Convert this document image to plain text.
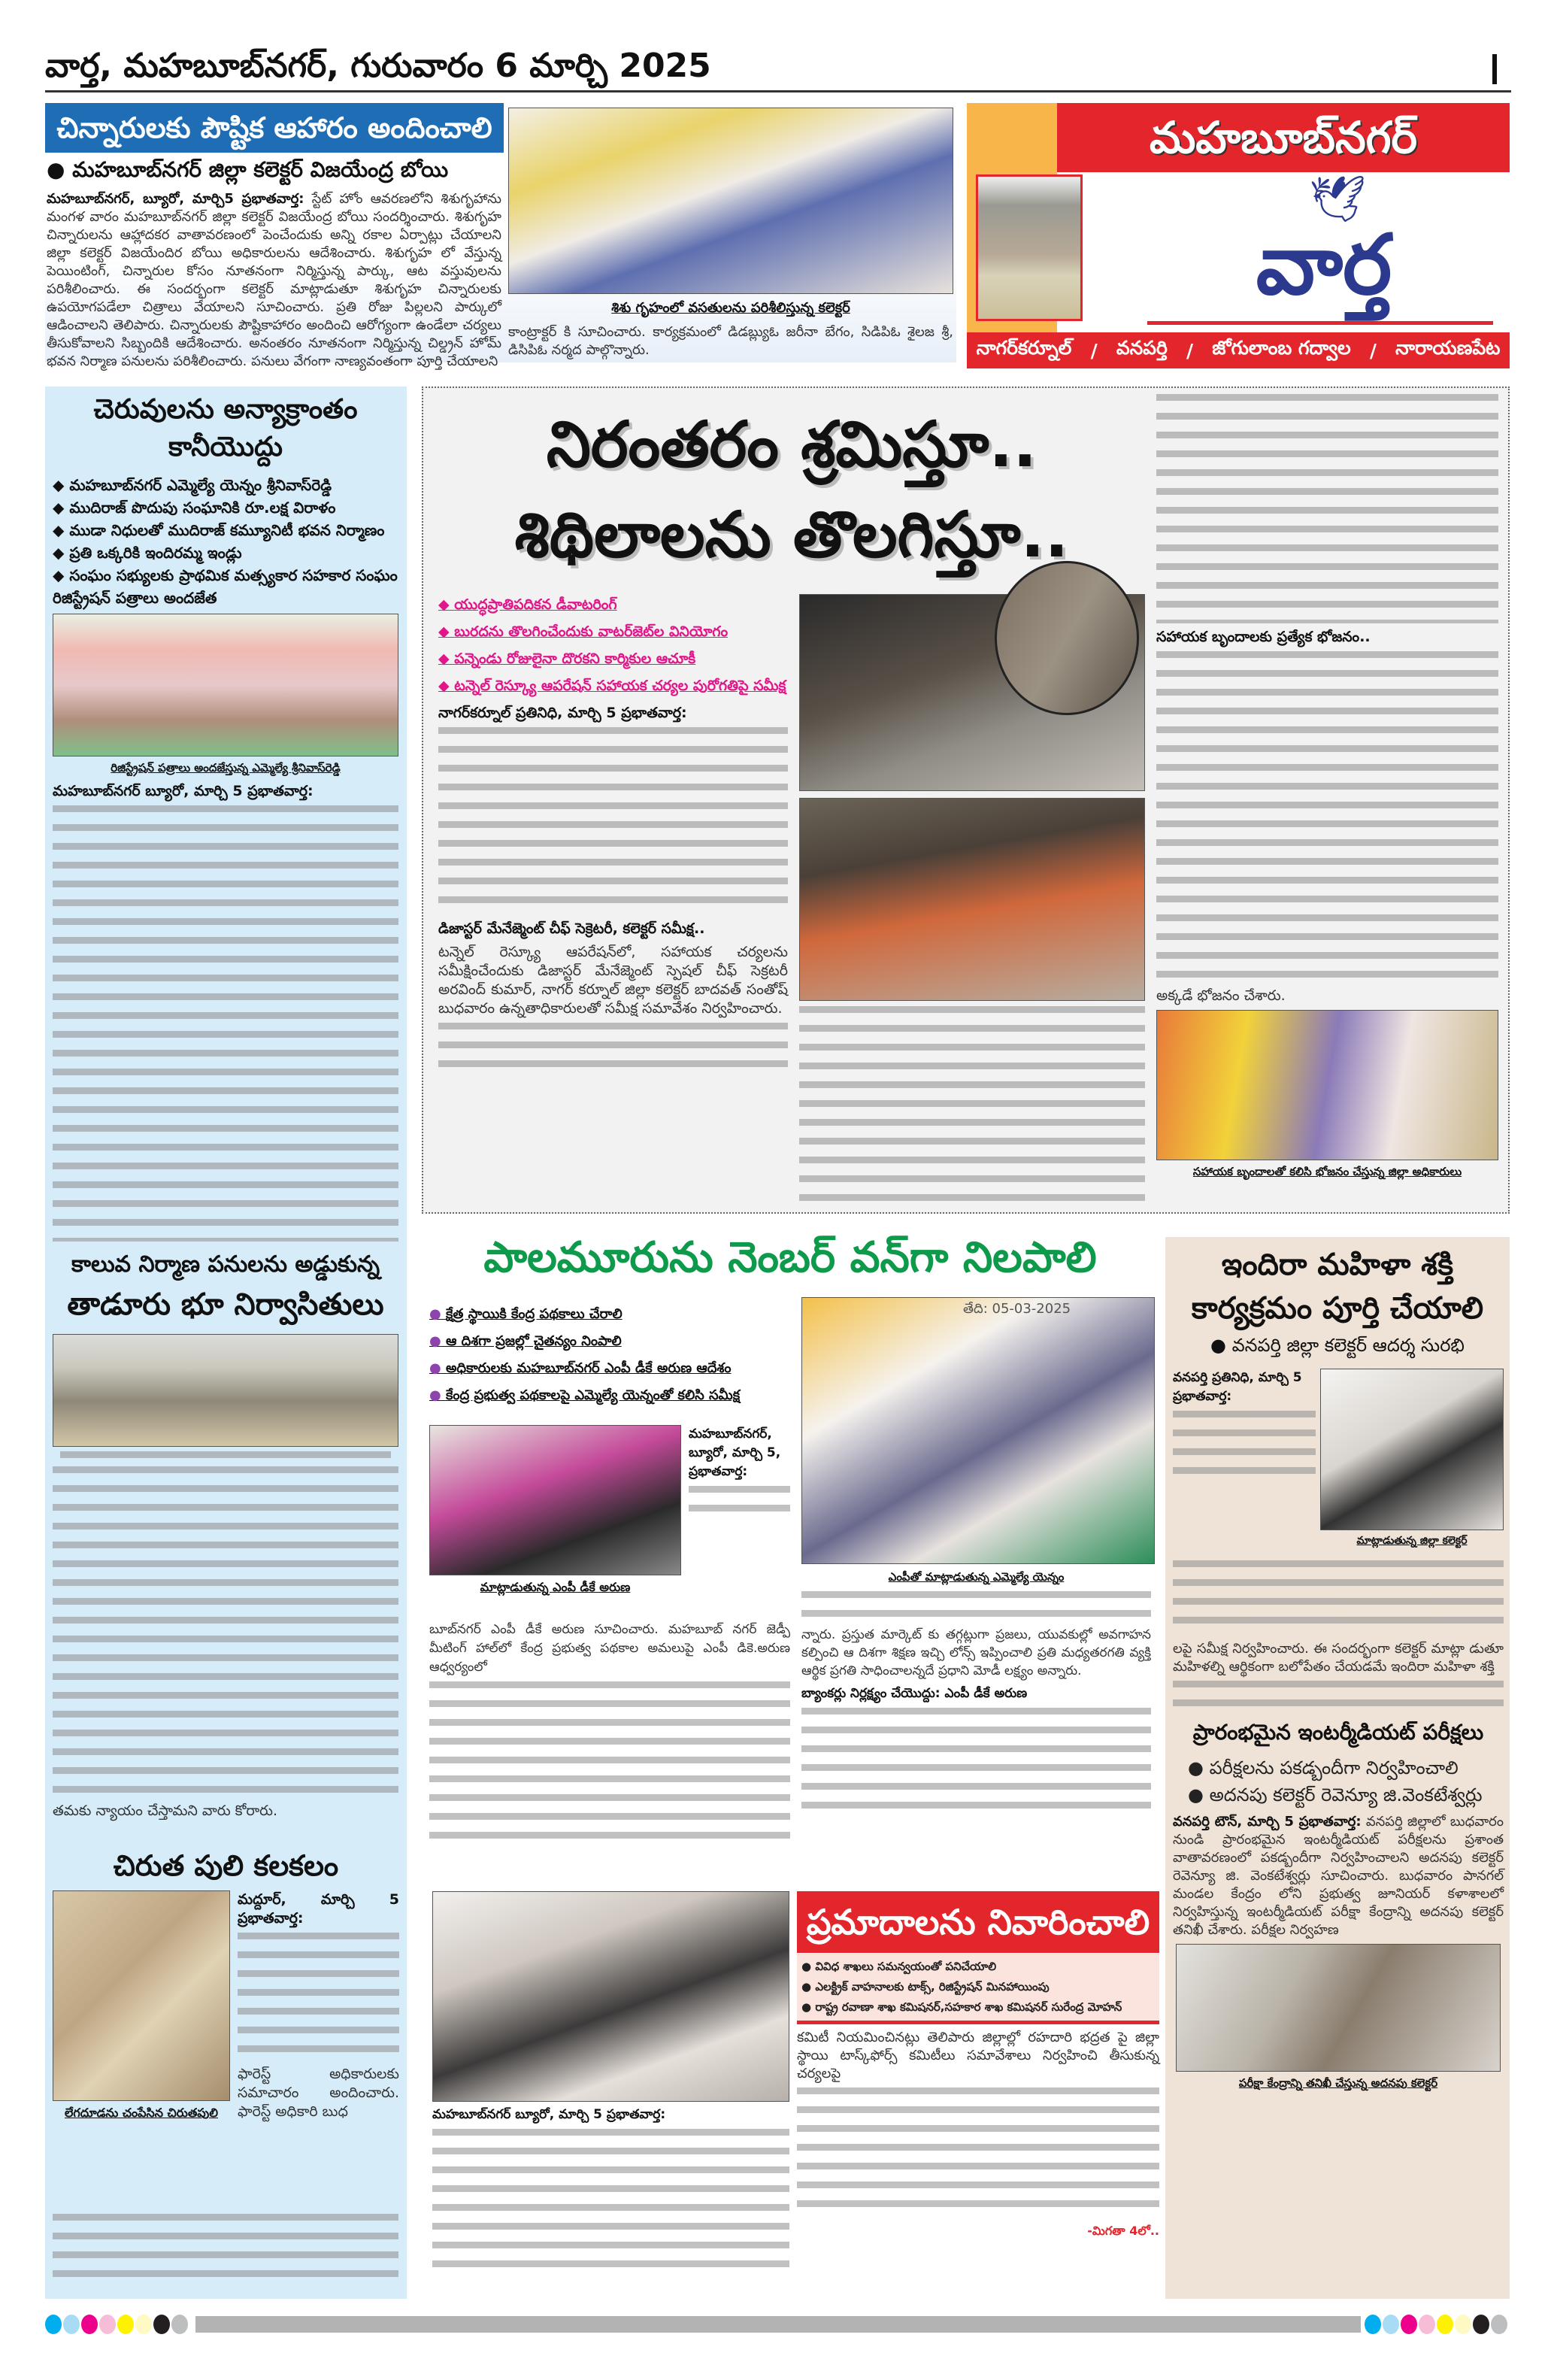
వార్త, మహబూబ్‌నగర్, గురువారం 6 మార్చి 2025
చిన్నారులకు పౌష్టిక ఆహారం అందించాలి
● మహబూబ్‌నగర్ జిల్లా కలెక్టర్ విజయేంద్ర బోయి
మహబూబ్‌నగర్, బ్యూరో, మార్చి5 ప్రభాతవార్త: స్టేట్ హోం ఆవరణలోని శిశుగృహాను మంగళ వారం మహబూబ్‌నగర్ జిల్లా కలెక్టర్ విజయేంద్ర బోయి సందర్శించారు. శిశుగృహ చిన్నారులను ఆహ్లాదకర వాతావరణంలో పెంచేందుకు అన్ని రకాల ఏర్పాట్లు చేయాలని జిల్లా కలెక్టర్ విజయేందిర బోయి అధికారులను ఆదేశించారు. శిశుగృహ లో వేస్తున్న పెయింటింగ్, చిన్నారుల కోసం నూతనంగా నిర్మిస్తున్న పార్కు, ఆట వస్తువులను పరిశీలించారు. ఈ సందర్భంగా కలెక్టర్ మాట్లాడుతూ శిశుగృహ చిన్నారులకు ఉపయోగపడేలా చిత్రాలు వేయాలని సూచించారు. ప్రతి రోజు పిల్లలని పార్కులో ఆడించాలని తెలిపారు. చిన్నారులకు పౌష్టికాహారం అందించి ఆరోగ్యంగా ఉండేలా చర్యలు తీసుకోవాలని సిబ్బందికి ఆదేశించారు. అనంతరం నూతనంగా నిర్మిస్తున్న చిల్డ్రన్ హోమ్ భవన నిర్మాణ పనులను పరిశీలించారు. పనులు వేగంగా నాణ్యవంతంగా పూర్తి చేయాలని
శిశు గృహంలో వసతులను పరిశీలిస్తున్న కలెక్టర్
కాంట్రాక్టర్ కి సూచించారు. కార్యక్రమంలో డిడబ్ల్యుఓ జరీనా బేగం, సిడిపిఓ శైలజ శ్రీ, డిసిపిఓ నర్మద పాల్గొన్నారు.
మహబూబ్‌నగర్
🕊
వార్త
నాగర్‌కర్నూల్ / వనపర్తి / జోగులాంబ గద్వాల / నారాయణపేట
చెరువులను అన్యాక్రాంతం కానీయొద్దు
◆ మహబూబ్‌నగర్ ఎమ్మెల్యే యెన్నం శ్రీనివాస్‌రెడ్డి
◆ ముదిరాజ్ పొదుపు సంఘానికి రూ.లక్ష విరాళం
◆ ముడా నిధులతో ముదిరాజ్ కమ్యూనిటీ భవన నిర్మాణం
◆ ప్రతి ఒక్కరికి ఇందిరమ్మ ఇండ్లు
◆ సంఘం సభ్యులకు ప్రాథమిక మత్స్యకార సహకార సంఘం రిజిస్ట్రేషన్ పత్రాలు అందజేత
రిజిస్ట్రేషన్ పత్రాలు అందజేస్తున్న ఎమ్మెల్యే శ్రీనివాస్‌రెడ్డి
మహబూబ్‌నగర్ బ్యూరో, మార్చి 5 ప్రభాతవార్త:
కాలువ నిర్మాణ పనులను అడ్డుకున్న
తాడూరు భూ నిర్వాసితులు
తమకు న్యాయం చేస్తామని వారు కోరారు.
చిరుత పులి కలకలం
లేగదూడను చంపేసిన చిరుతపులి
మద్దూర్, మార్చి 5 ప్రభాతవార్త:
ఫారెస్ట్ అధికారులకు సమాచారం అందించారు. ఫారెస్ట్ అధికారి బుధ
నిరంతరం శ్రమిస్తూ..
శిథిలాలను తొలగిస్తూ..
◆ యుద్ధప్రాతిపదికన డీవాటరింగ్
◆ బురదను తొలగించేందుకు వాటర్‌జెట్‌ల వినియోగం
◆ పన్నెండు రోజులైనా దొరకని కార్మికుల ఆచూకీ
◆ టన్నెల్ రెస్క్యూ ఆపరేషన్ సహాయక చర్యల పురోగతిపై సమీక్ష
నాగర్‌కర్నూల్ ప్రతినిధి, మార్చి 5 ప్రభాతవార్త:
డిజాస్టర్ మేనేజ్మెంట్ చీఫ్ సెక్రెటరీ, కలెక్టర్ సమీక్ష..
టన్నెల్ రెస్క్యూ ఆపరేషన్‌లో, సహాయక చర్యలను సమీక్షించేందుకు డిజాస్టర్ మేనేజ్మెంట్ స్పెషల్ చీఫ్ సెక్రటరీ అరవింద్ కుమార్, నాగర్ కర్నూల్ జిల్లా కలెక్టర్ బాదవత్ సంతోష్ బుధవారం ఉన్నతాధికారులతో సమీక్ష సమావేశం నిర్వహించారు.
సహాయక బృందాలకు ప్రత్యేక భోజనం..
అక్కడే భోజనం చేశారు.
సహాయక బృందాలతో కలిసి భోజనం చేస్తున్న జిల్లా అధికారులు
పాలమూరును నెంబర్ వన్‌గా నిలపాలి
● క్షేత్ర స్థాయికి కేంద్ర పథకాలు చేరాలి
● ఆ దిశగా ప్రజల్లో చైతన్యం నింపాలి
● అధికారులకు మహబూబ్‌నగర్ ఎంపీ డీకే అరుణ ఆదేశం
● కేంద్ర ప్రభుత్వ పథకాలపై ఎమ్మెల్యే యెన్నంతో కలిసి సమీక్ష
మాట్లాడుతున్న ఎంపీ డీకే అరుణ
మహబూబ్‌నగర్, బ్యూరో, మార్చి 5, ప్రభాతవార్త:
బూబ్‌నగర్ ఎంపీ డీకే అరుణ సూచించారు. మహబూబ్ నగర్ జెడ్పీ మీటింగ్ హాల్‌లో కేంద్ర ప్రభుత్వ పథకాల అమలుపై ఎంపీ డికె.అరుణ ఆధ్వర్యంలో
తేది: 05-03-2025
ఎంపీతో మాట్లాడుతున్న ఎమ్మెల్యే యెన్నం
న్నారు. ప్రస్తుత మార్కెట్ కు తగ్గట్లుగా ప్రజలు, యువకుల్లో అవగాహన కల్పించి ఆ దిశగా శిక్షణ ఇచ్చి లోన్స్ ఇప్పించాలి ప్రతి మధ్యతరగతి వ్యక్తి ఆర్థిక ప్రగతి సాధించాలన్నదే ప్రధాని మోడీ లక్ష్యం అన్నారు.
బ్యాంకర్లు నిర్లక్ష్యం చేయొద్దు: ఎంపీ డీకే అరుణ
ఇందిరా మహిళా శక్తి
కార్యక్రమం పూర్తి చేయాలి
● వనపర్తి జిల్లా కలెక్టర్ ఆదర్శ సురభి
వనపర్తి ప్రతినిధి, మార్చి 5 ప్రభాతవార్త:
మాట్లాడుతున్న జిల్లా కలెక్టర్
లపై సమీక్ష నిర్వహించారు. ఈ సందర్భంగా కలెక్టర్ మాట్లా డుతూ మహిళల్ని ఆర్థికంగా బలోపేతం చేయడమే ఇందిరా మహిళా శక్తి
ప్రారంభమైన ఇంటర్మీడియట్ పరీక్షలు
● పరీక్షలను పకడ్బందీగా నిర్వహించాలి
● అదనపు కలెక్టర్ రెవెన్యూ జి.వెంకటేశ్వర్లు
వనపర్తి టౌన్, మార్చి 5 ప్రభాతవార్త: వనపర్తి జిల్లాలో బుధవారం నుండి ప్రారంభమైన ఇంటర్మీడియట్ పరీక్షలను ప్రశాంత వాతావరణంలో పకడ్బందీగా నిర్వహించాలని అదనపు కలెక్టర్ రెవెన్యూ జి. వెంకటేశ్వర్లు సూచించారు. బుధవారం పానగల్ మండల కేంద్రం లోని ప్రభుత్వ జూనియర్ కళాశాలలో నిర్వహిస్తున్న ఇంటర్మీడియట్ పరీక్షా కేంద్రాన్ని అదనపు కలెక్టర్ తనిఖీ చేశారు. పరీక్షల నిర్వహణ
పరీక్షా కేంద్రాన్ని తనిఖీ చేస్తున్న అదనపు కలెక్టర్
మహబూబ్‌నగర్ బ్యూరో, మార్చి 5 ప్రభాతవార్త:
ప్రమాదాలను నివారించాలి
● వివిధ శాఖలు సమన్వయంతో పనిచేయాలి
● ఎలక్ట్రిక్ వాహనాలకు టాక్స్, రిజిస్ట్రేషన్ మినహాయింపు
● రాష్ట్ర రవాణా శాఖ కమిషనర్,సహకార శాఖ కమిషనర్ సురేంద్ర మోహన్
కమిటీ నియమించినట్లు తెలిపారు జిల్లాల్లో రహదారి భద్రత పై జిల్లా స్థాయి టాస్క్‌ఫోర్స్ కమిటీలు సమావేశాలు నిర్వహించి తీసుకున్న చర్యలపై
-మిగతా 4లో..
